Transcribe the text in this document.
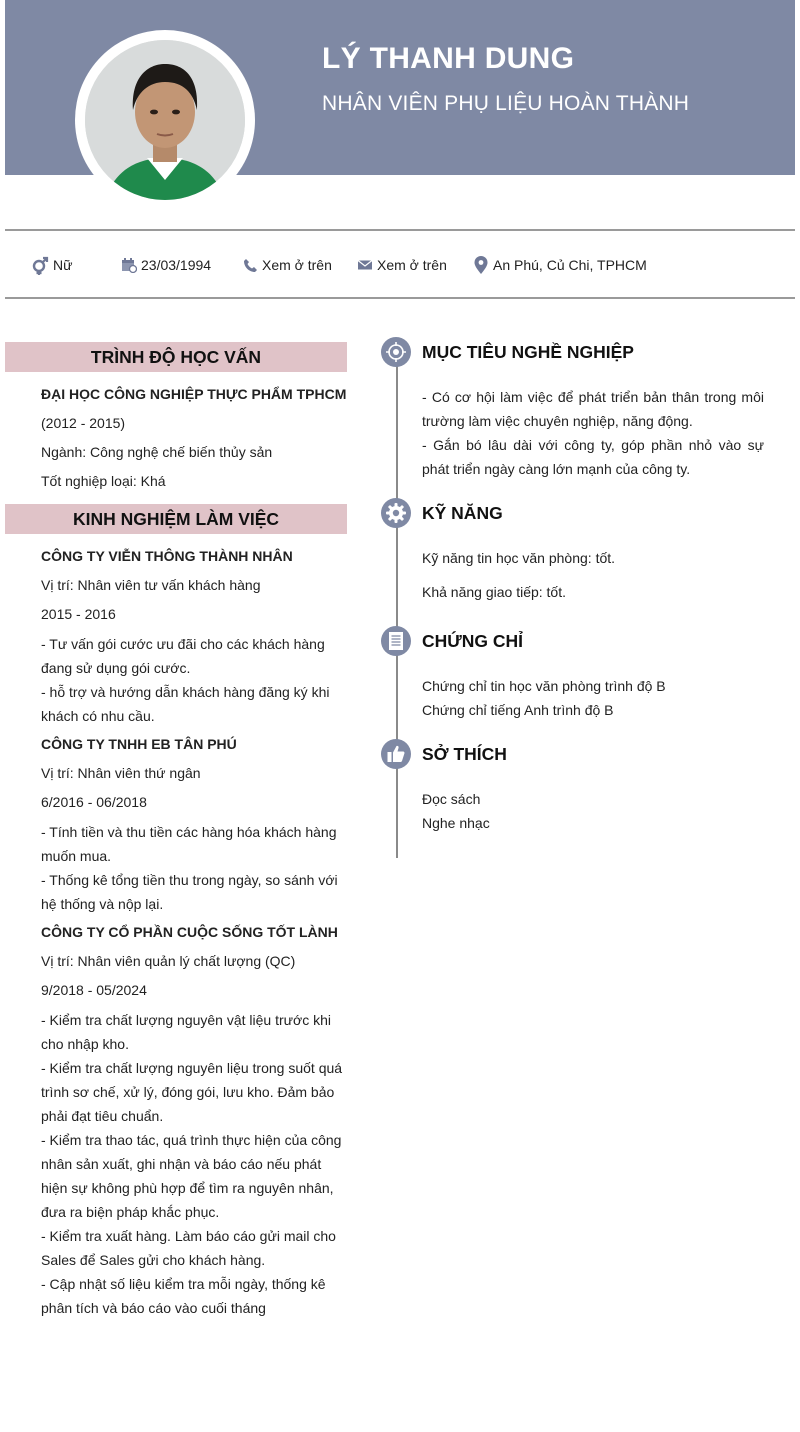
LÝ THANH DUNG
NHÂN VIÊN PHỤ LIỆU HOÀN THÀNH
Nữ	23/03/1994	Xem ở trên	Xem ở trên	An Phú, Củ Chi, TPHCM
TRÌNH ĐỘ HỌC VẤN
ĐẠI HỌC CÔNG NGHIỆP THỰC PHẨM TPHCM
(2012 - 2015)
Ngành: Công nghệ chế biến thủy sản
Tốt nghiệp loại: Khá
KINH NGHIỆM LÀM VIỆC
CÔNG TY VIỄN THÔNG THÀNH NHÂN
Vị trí: Nhân viên tư vấn khách hàng
2015 - 2016
- Tư vấn gói cước ưu đãi cho các khách hàng đang sử dụng gói cước.
- hỗ trợ và hướng dẫn khách hàng đăng ký khi khách có nhu cầu.
CÔNG TY TNHH EB TÂN PHÚ
Vị trí: Nhân viên thứ ngân
6/2016 - 06/2018
- Tính tiền và thu tiền các hàng hóa khách hàng muốn mua.
- Thống kê tổng tiền thu trong ngày, so sánh với hệ thống và nộp lại.
CÔNG TY CỔ PHẦN CUỘC SỐNG TỐT LÀNH
Vị trí: Nhân viên quản lý chất lượng (QC)
9/2018 - 05/2024
- Kiểm tra chất lượng nguyên vật liệu trước khi cho nhập kho.
- Kiểm tra chất lượng nguyên liệu trong suốt quá trình sơ chế, xử lý, đóng gói, lưu kho. Đảm bảo phải đạt tiêu chuẩn.
- Kiểm tra thao tác, quá trình thực hiện của công nhân sản xuất, ghi nhận và báo cáo nếu phát hiện sự không phù hợp để tìm ra nguyên nhân, đưa ra biện pháp khắc phục.
- Kiểm tra xuất hàng. Làm báo cáo gửi mail cho Sales để Sales gửi cho khách hàng.
- Cập nhật số liệu kiểm tra mỗi ngày, thống kê phân tích và báo cáo vào cuối tháng
MỤC TIÊU NGHỀ NGHIỆP
- Có cơ hội làm việc để phát triển bản thân trong môi trường làm việc chuyên nghiệp, năng động.
- Gắn bó lâu dài với công ty, góp phần nhỏ vào sự phát triển ngày càng lớn mạnh của công ty.
KỸ NĂNG
Kỹ năng tin học văn phòng: tốt.
Khả năng giao tiếp: tốt.
CHỨNG CHỈ
Chứng chỉ tin học văn phòng trình độ B
Chứng chỉ tiếng Anh trình độ B
SỞ THÍCH
Đọc sách
Nghe nhạc
